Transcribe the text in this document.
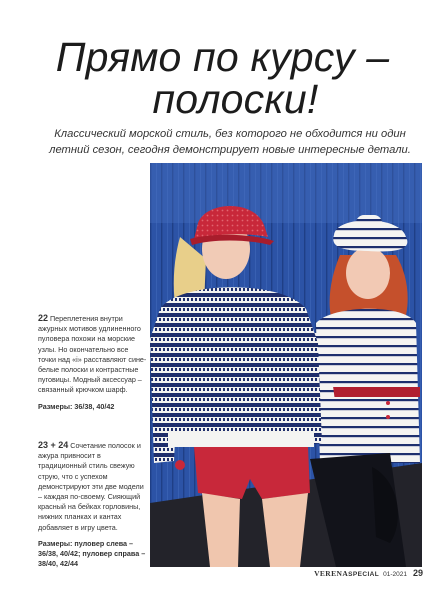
Прямо по курсу –
полоски!

Классический морской стиль, без которого не обходится ни один летний сезон, сегодня демонстрирует новые интересные детали.

22 Переплетения внутри ажурных мотивов удлиненного пуловера похожи на морские узлы. Но окончательно все точки над «i» расставляют сине-белые полоски и контрастные пуговицы. Модный аксессуар – связанный крючком шарф.

Размеры: 36/38, 40/42

23 + 24 Сочетание полосок и ажура привносит в традиционный стиль свежую струю, что с успехом демонстрируют эти две модели – каждая по-своему. Сияющий красный на бейках горловины, нижних планках и кантах добавляет в игру цвета.

Размеры: пуловер слева – 36/38, 40/42; пуловер справа – 38/40, 42/44

VERENASPECIAL 01-2021 29
